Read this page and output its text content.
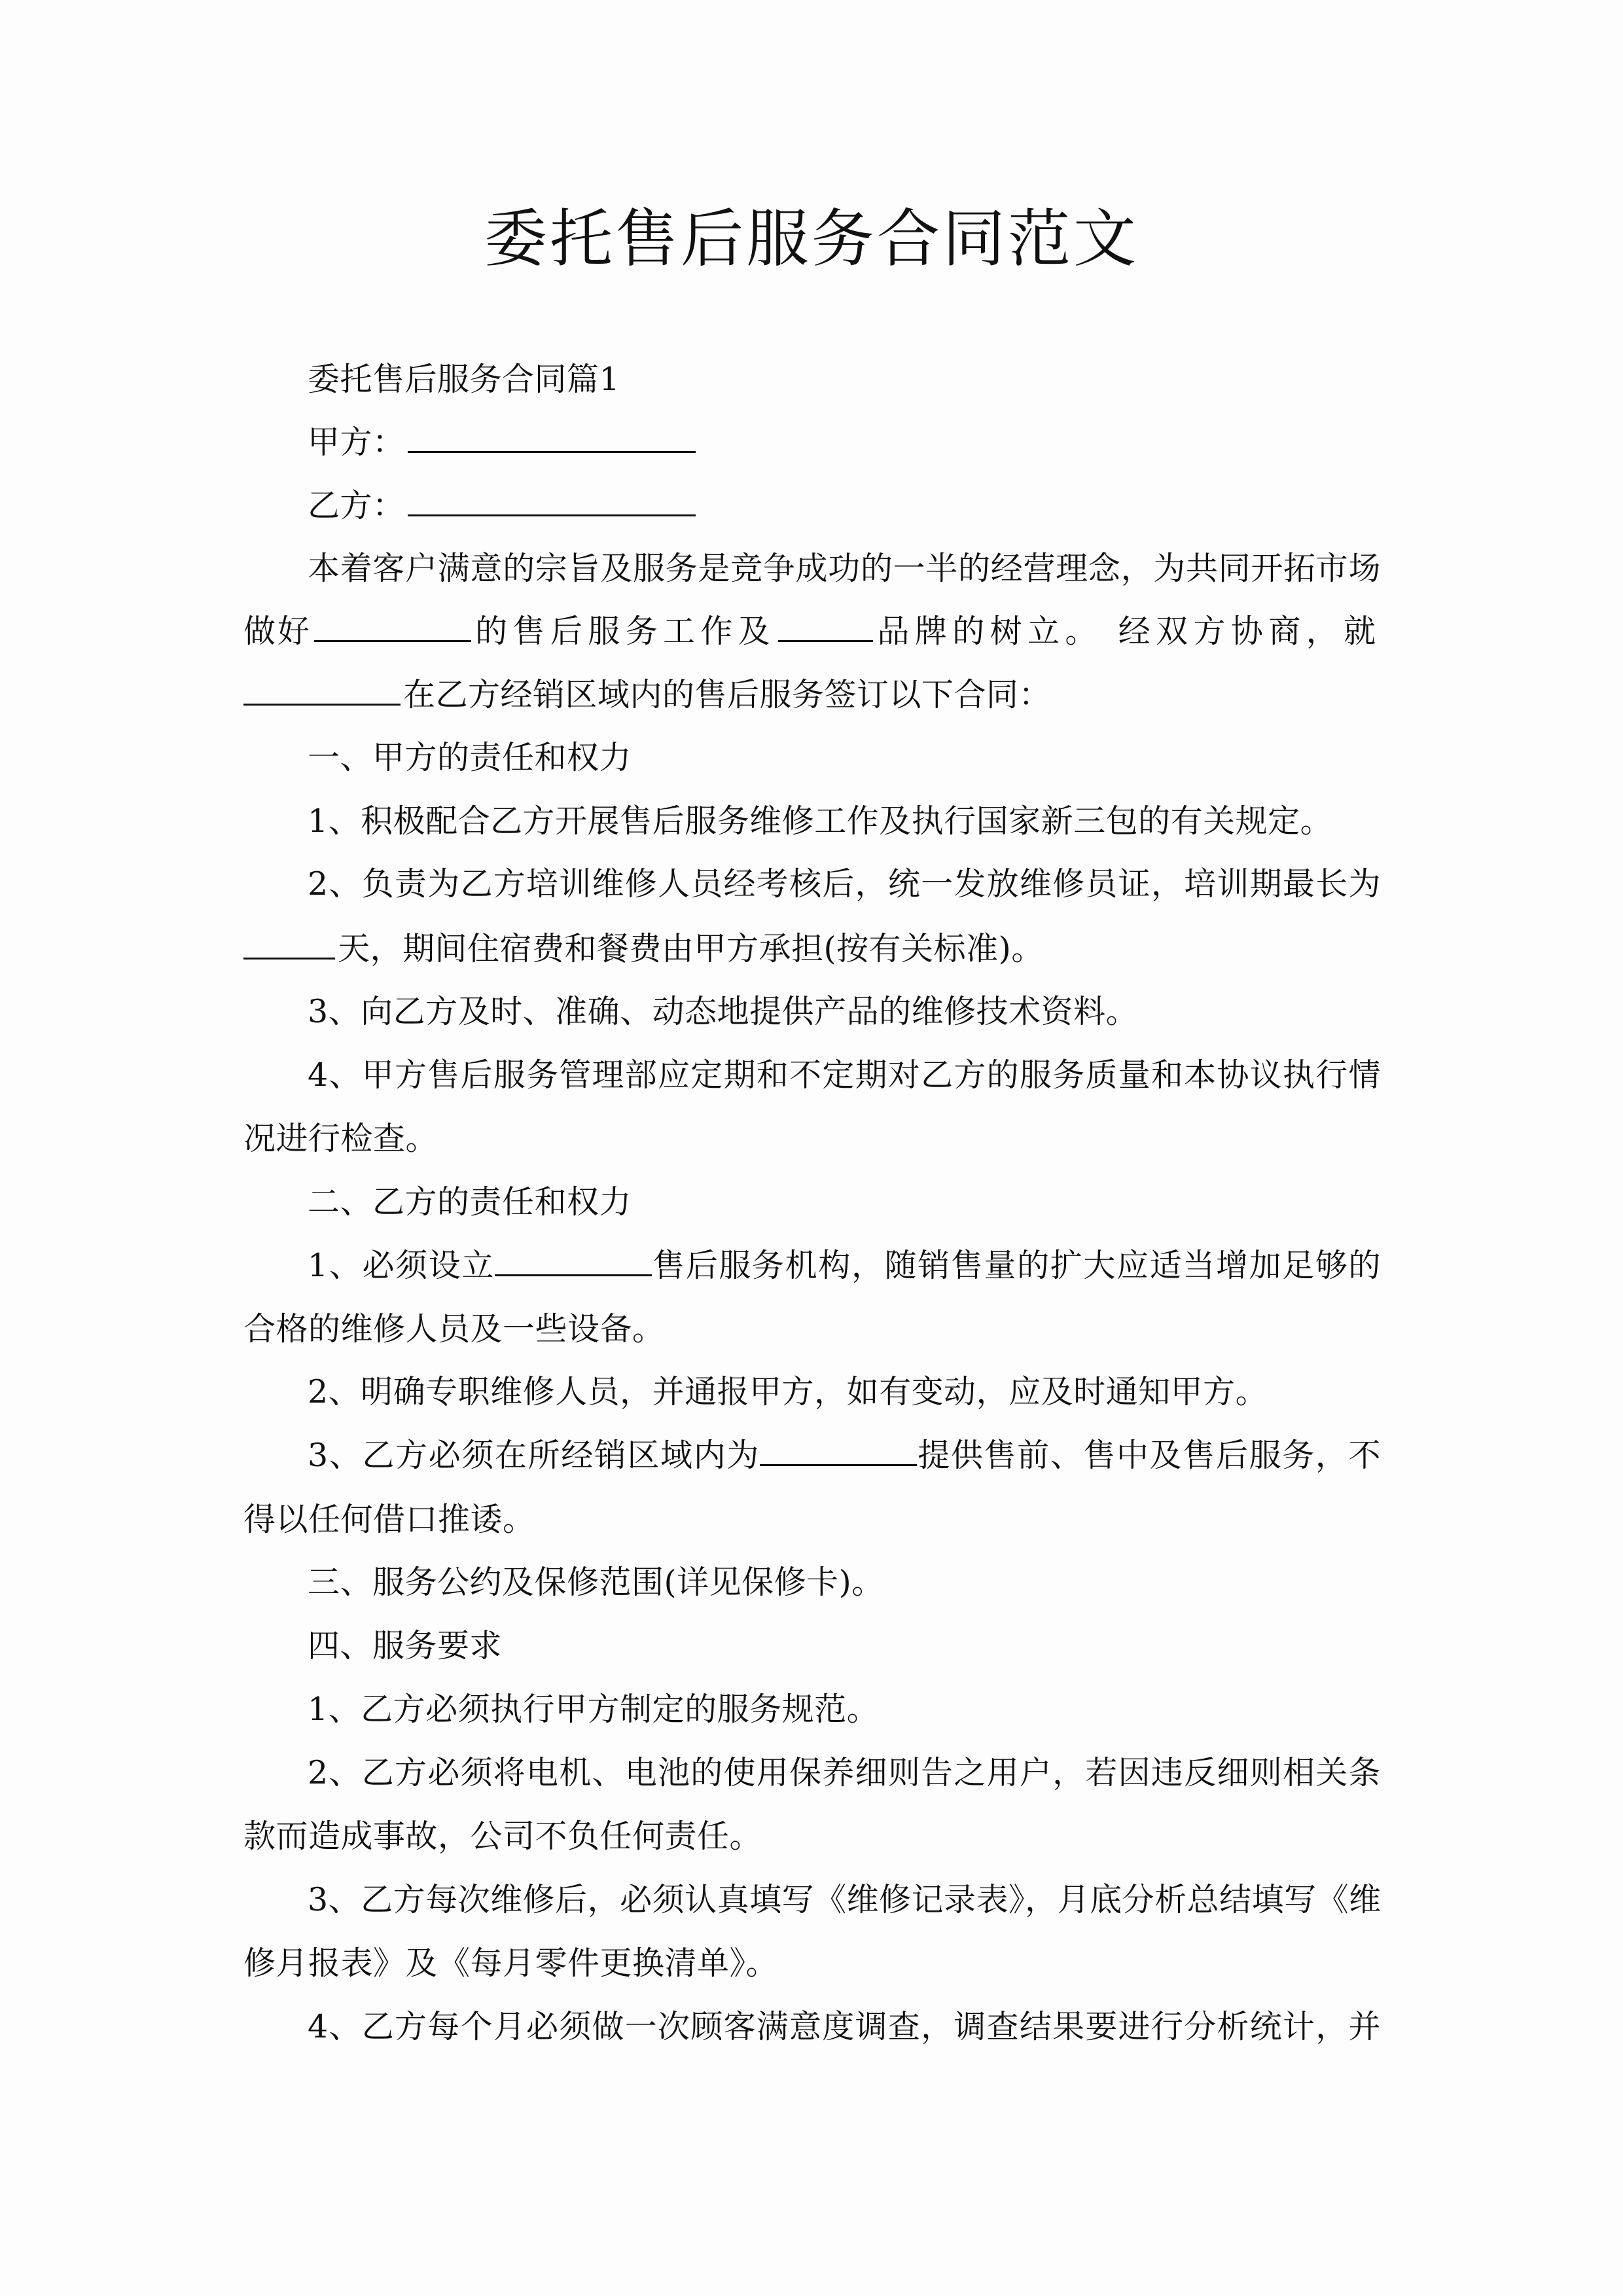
委托售后服务合同范文
委托售后服务合同篇1
甲方：
乙方：
本着客户满意的宗旨及服务是竞争成功的一半的经营理念，为共同开拓市场
做好	的售后服务工作及	品牌的树立。 经双方协商，就
在乙方经销区域内的售后服务签订以下合同：
一、甲方的责任和权力
1、积极配合乙方开展售后服务维修工作及执行国家新三包的有关规定。
2、负责为乙方培训维修人员经考核后，统一发放维修员证，培训期最长为
天，期间住宿费和餐费由甲方承担(按有关标准)。
3、向乙方及时、准确、动态地提供产品的维修技术资料。
4、甲方售后服务管理部应定期和不定期对乙方的服务质量和本协议执行情
况进行检查。
二、乙方的责任和权力
1、必须设立	售后服务机构，随销售量的扩大应适当增加足够的
合格的维修人员及一些设备。
2、明确专职维修人员，并通报甲方，如有变动，应及时通知甲方。
3、乙方必须在所经销区域内为	提供售前、售中及售后服务，不
得以任何借口推诿。
三、服务公约及保修范围(详见保修卡)。
四、服务要求
1、乙方必须执行甲方制定的服务规范。
2、乙方必须将电机、电池的使用保养细则告之用户，若因违反细则相关条
款而造成事故，公司不负任何责任。
3、乙方每次维修后，必须认真填写《维修记录表》，月底分析总结填写《维
修月报表》及《每月零件更换清单》。
4、乙方每个月必须做一次顾客满意度调查，调查结果要进行分析统计，并
